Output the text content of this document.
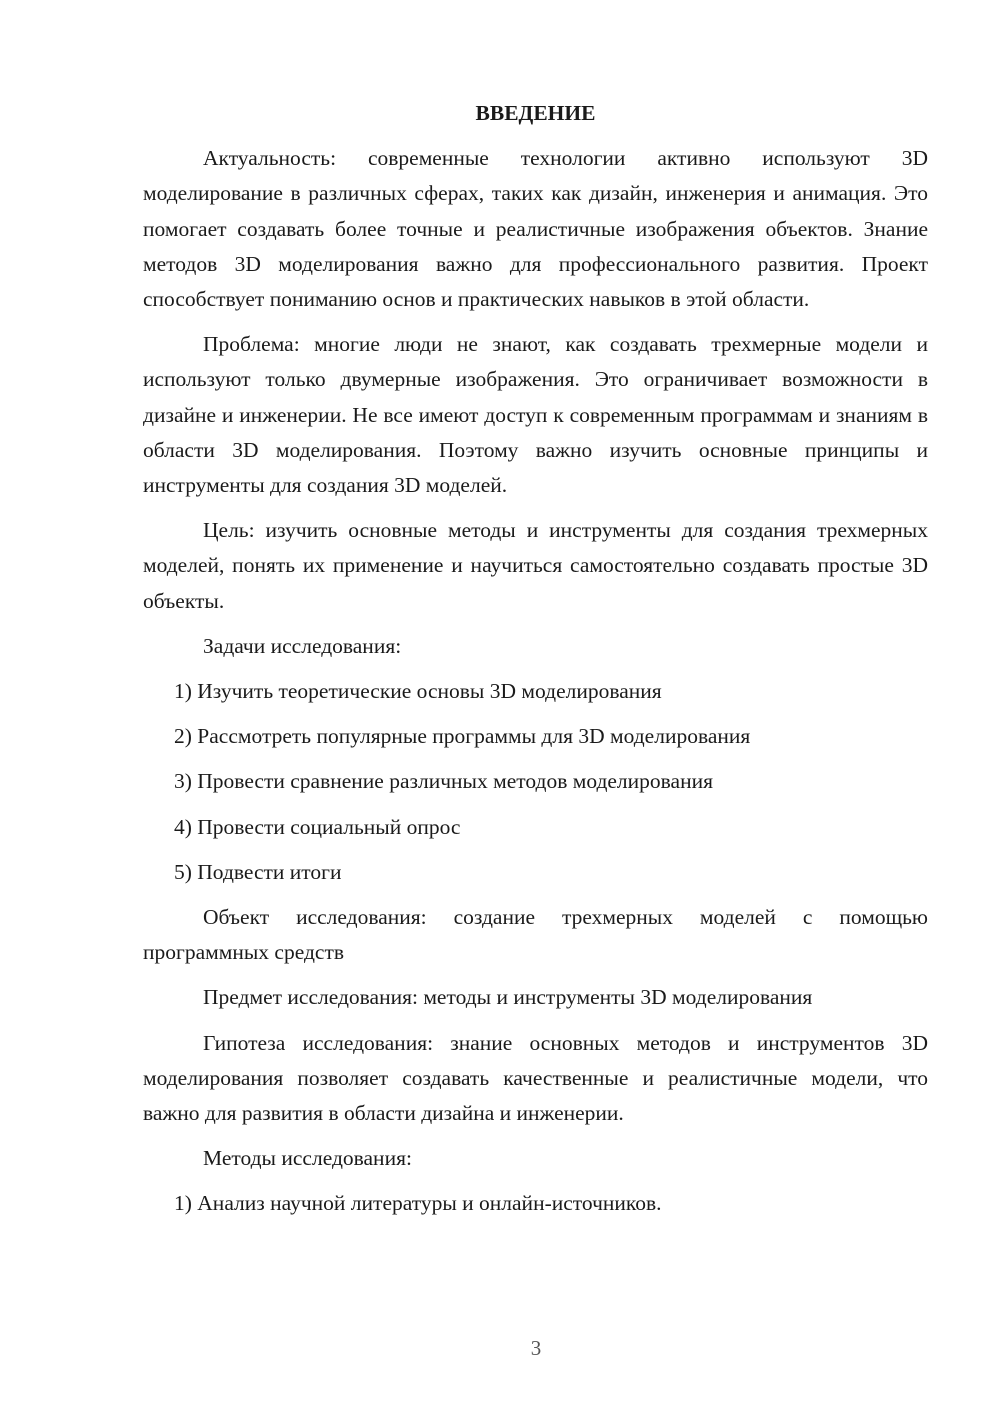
ВВЕДЕНИЕ

Актуальность: современные технологии активно используют 3D моделирование в различных сферах, таких как дизайн, инженерия и анимация. Это помогает создавать более точные и реалистичные изображения объектов. Знание методов 3D моделирования важно для профессионального развития. Проект способствует пониманию основ и практических навыков в этой области.

Проблема: многие люди не знают, как создавать трехмерные модели и используют только двумерные изображения. Это ограничивает возможности в дизайне и инженерии. Не все имеют доступ к современным программам и знаниям в области 3D моделирования. Поэтому важно изучить основные принципы и инструменты для создания 3D моделей.

Цель: изучить основные методы и инструменты для создания трехмерных моделей, понять их применение и научиться самостоятельно создавать простые 3D объекты.

Задачи исследования:

1) Изучить теоретические основы 3D моделирования
2) Рассмотреть популярные программы для 3D моделирования
3) Провести сравнение различных методов моделирования
4) Провести социальный опрос
5) Подвести итоги

Объект исследования: создание трехмерных моделей с помощью программных средств

Предмет исследования: методы и инструменты 3D моделирования

Гипотеза исследования: знание основных методов и инструментов 3D моделирования позволяет создавать качественные и реалистичные модели, что важно для развития в области дизайна и инженерии.

Методы исследования:

1) Анализ научной литературы и онлайн-источников.
3
